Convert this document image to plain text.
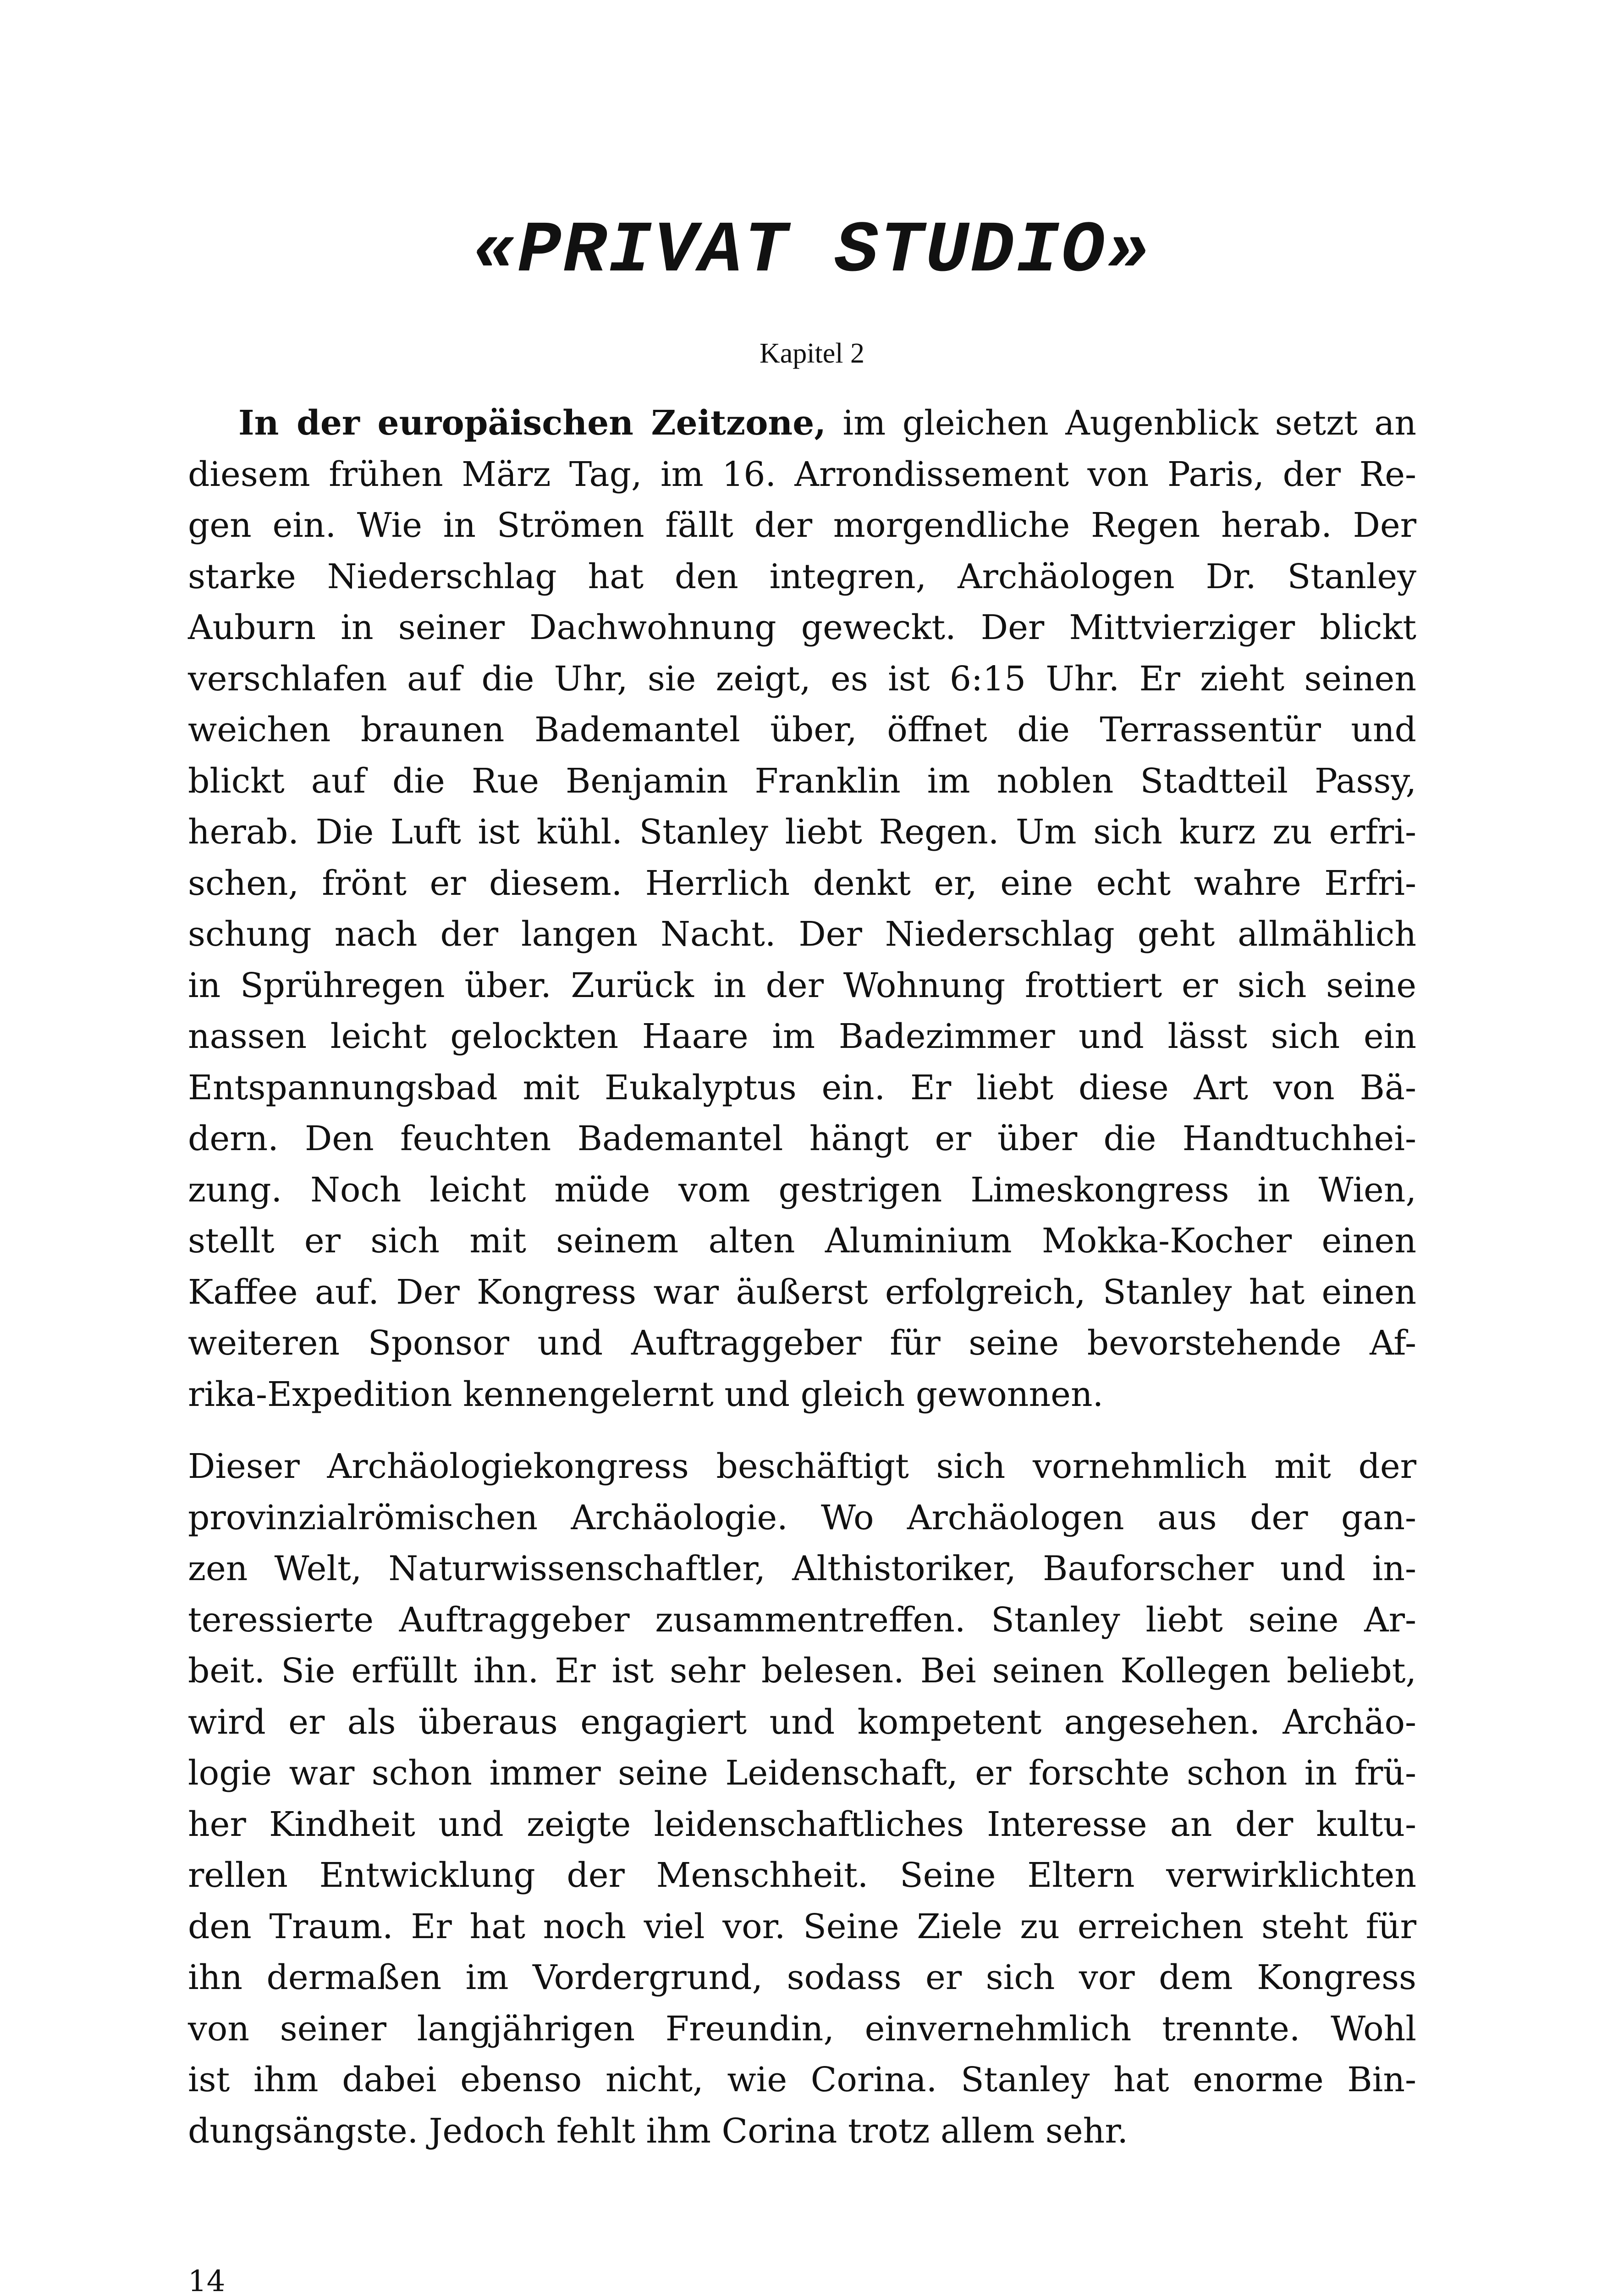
«PRIVAT STUDIO»
Kapitel 2
In der europäischen Zeitzone, im gleichen Augenblick setzt an
diesem frühen März Tag, im 16. Arrondissement von Paris, der Re-
gen ein. Wie in Strömen fällt der morgendliche Regen herab. Der
starke Niederschlag hat den integren, Archäologen Dr. Stanley
Auburn in seiner Dachwohnung geweckt. Der Mittvierziger blickt
verschlafen auf die Uhr, sie zeigt, es ist 6:15 Uhr. Er zieht seinen
weichen braunen Bademantel über, öffnet die Terrassentür und
blickt auf die Rue Benjamin Franklin im noblen Stadtteil Passy,
herab. Die Luft ist kühl. Stanley liebt Regen. Um sich kurz zu erfri-
schen, frönt er diesem. Herrlich denkt er, eine echt wahre Erfri-
schung nach der langen Nacht. Der Niederschlag geht allmählich
in Sprühregen über. Zurück in der Wohnung frottiert er sich seine
nassen leicht gelockten Haare im Badezimmer und lässt sich ein
Entspannungsbad mit Eukalyptus ein. Er liebt diese Art von Bä-
dern. Den feuchten Bademantel hängt er über die Handtuchhei-
zung. Noch leicht müde vom gestrigen Limeskongress in Wien,
stellt er sich mit seinem alten Aluminium Mokka-Kocher einen
Kaffee auf. Der Kongress war äußerst erfolgreich, Stanley hat einen
weiteren Sponsor und Auftraggeber für seine bevorstehende Af-
rika-Expedition kennengelernt und gleich gewonnen.
Dieser Archäologiekongress beschäftigt sich vornehmlich mit der
provinzialrömischen Archäologie. Wo Archäologen aus der gan-
zen Welt, Naturwissenschaftler, Althistoriker, Bauforscher und in-
teressierte Auftraggeber zusammentreffen. Stanley liebt seine Ar-
beit. Sie erfüllt ihn. Er ist sehr belesen. Bei seinen Kollegen beliebt,
wird er als überaus engagiert und kompetent angesehen. Archäo-
logie war schon immer seine Leidenschaft, er forschte schon in frü-
her Kindheit und zeigte leidenschaftliches Interesse an der kultu-
rellen Entwicklung der Menschheit. Seine Eltern verwirklichten
den Traum. Er hat noch viel vor. Seine Ziele zu erreichen steht für
ihn dermaßen im Vordergrund, sodass er sich vor dem Kongress
von seiner langjährigen Freundin, einvernehmlich trennte. Wohl
ist ihm dabei ebenso nicht, wie Corina. Stanley hat enorme Bin-
dungsängste. Jedoch fehlt ihm Corina trotz allem sehr.
14
